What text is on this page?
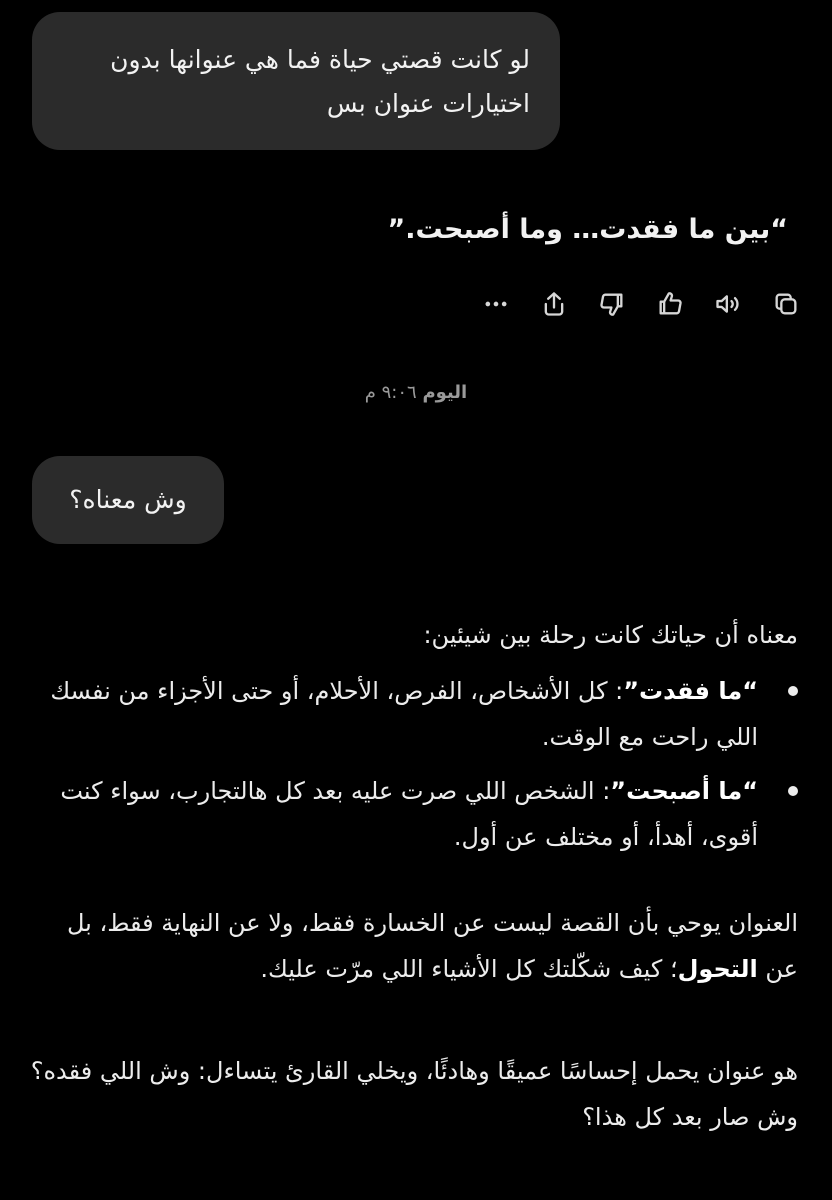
لو كانت قصتي حياة فما هي عنوانها بدون
اختيارات عنوان بس

“بين ما فقدت… وما أصبحت.”

اليوم ٩:٠٦ م
وش معناه؟

معناه أن حياتك كانت رحلة بين شيئين:

“ما فقدت”: كل الأشخاص، الفرص، الأحلام، أو حتى الأجزاء من نفسك اللي راحت مع الوقت.
“ما أصبحت”: الشخص اللي صرت عليه بعد كل هالتجارب، سواء كنت أقوى، أهدأ، أو مختلف عن أول.

العنوان يوحي بأن القصة ليست عن الخسارة فقط، ولا عن النهاية فقط، بل عن التحول؛ كيف شكّلتك كل الأشياء اللي مرّت عليك.

هو عنوان يحمل إحساسًا عميقًا وهادئًا، ويخلي القارئ يتساءل: وش اللي فقده؟ وش صار بعد كل هذا؟
